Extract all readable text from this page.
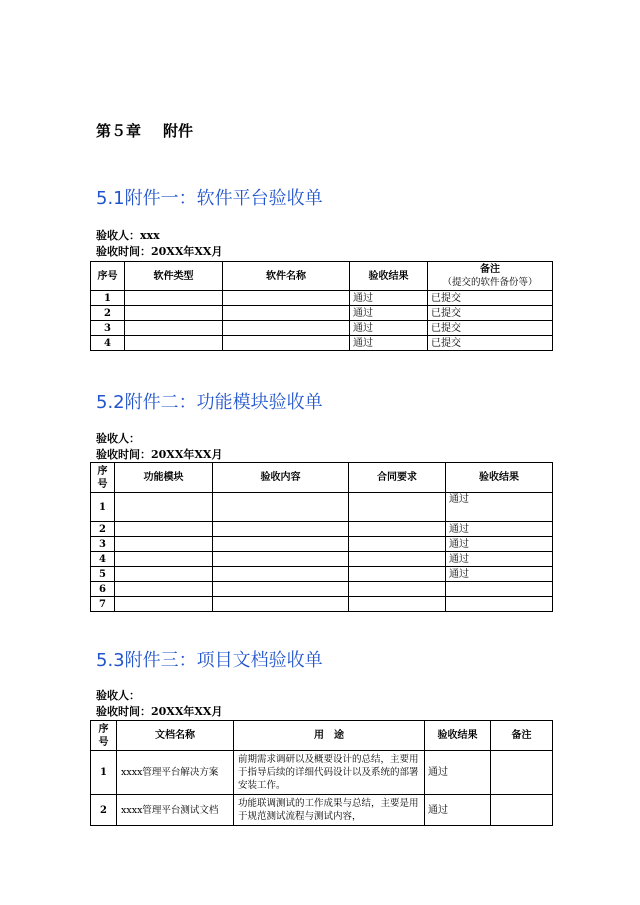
第５章 附件
5.1附件一：软件平台验收单
验收人：xxx
验收时间：20XX年XX月
序号	软件类型	软件名称	验收结果	备注
（提交的软件备份等）

1			通过	已提交
2			通过	已提交
3			通过	已提交
4			通过	已提交
5.2附件二：功能模块验收单
验收人：
验收时间：20XX年XX月
序
号	功能模块	验收内容	合同要求	验收结果
1				通过
2				通过
3				通过
4				通过
5				通过
6				
7				
5.3附件三：项目文档验收单
验收人：
验收时间：20XX年XX月
序
号	文档名称	用　途	验收结果	备注
1	xxxx管理平台解决方案	前期需求调研以及概要设计的总结，主要用于指导后续的详细代码设计以及系统的部署安装工作。	通过	
2	xxxx管理平台测试文档	功能联调测试的工作成果与总结，主要是用于规范测试流程与测试内容，	通过	
